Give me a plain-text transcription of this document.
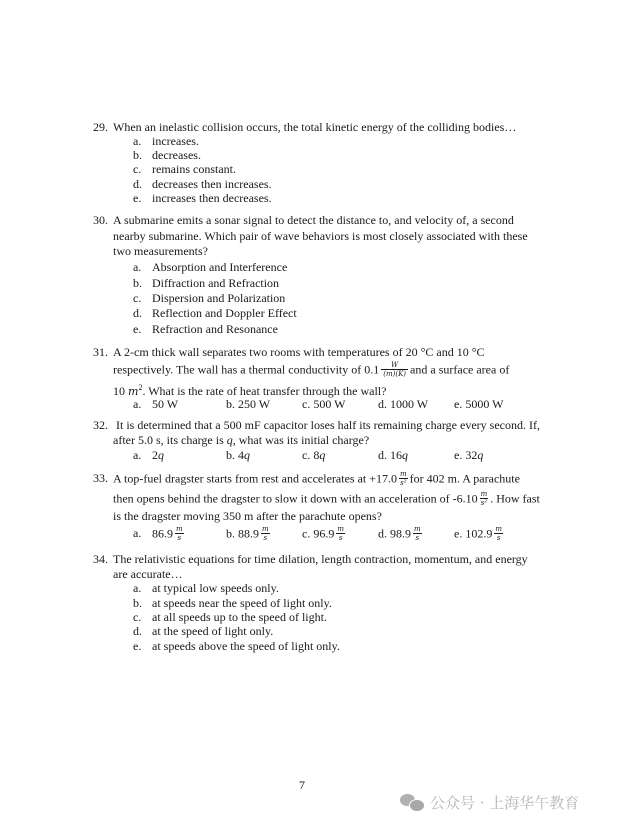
29. When an inelastic collision occurs, the total kinetic energy of the colliding bodies…
a. increases.
b. decreases.
c. remains constant.
d. decreases then increases.
e. increases then decreases.
30. A submarine emits a sonar signal to detect the distance to, and velocity of, a second
nearby submarine. Which pair of wave behaviors is most closely associated with these
two measurements?
a. Absorption and Interference
b. Diffraction and Refraction
c. Dispersion and Polarization
d. Reflection and Doppler Effect
e. Refraction and Resonance
31. A 2-cm thick wall separates two rooms with temperatures of 20 °C and 10 °C
respectively. The wall has a thermal conductivity of $0.1 \frac{W}{(m)(K)}$ and a surface area of
10 $m^2$. What is the rate of heat transfer through the wall?
a. 50 W	b. 250 W	c. 500 W	d. 1000 W e. 5000 W
32. It is determined that a 500 mF capacitor loses half its remaining charge every second. If,
after 5.0 s, its charge is q, what was its initial charge?
a. 2q	b. 4q	c. 8q	d. 16q	e. 32q
33. A top-fuel dragster starts from rest and accelerates at $+17.0 \frac{m}{\text{s²}}$ for 402 m. A parachute
then opens behind the dragster to slow it down with an acceleration of $-6.10 \frac{m}{\text{s²}}$ . How fast
is the dragster moving 350 m after the parachute opens?
a. $86.9 \frac{m}{s}$	b. $88.9 \frac{m}{s}$	c. $96.9 \frac{m}{s}$	d. $98.9 \frac{m}{s}$	e. $102.9 \frac{m}{s}$
34. The relativistic equations for time dilation, length contraction, momentum, and energy
are accurate…
a. at typical low speeds only.
b. at speeds near the speed of light only.
c. at all speeds up to the speed of light.
d. at the speed of light only.
e. at speeds above the speed of light only.
7
公众号 · 上海华午教育
